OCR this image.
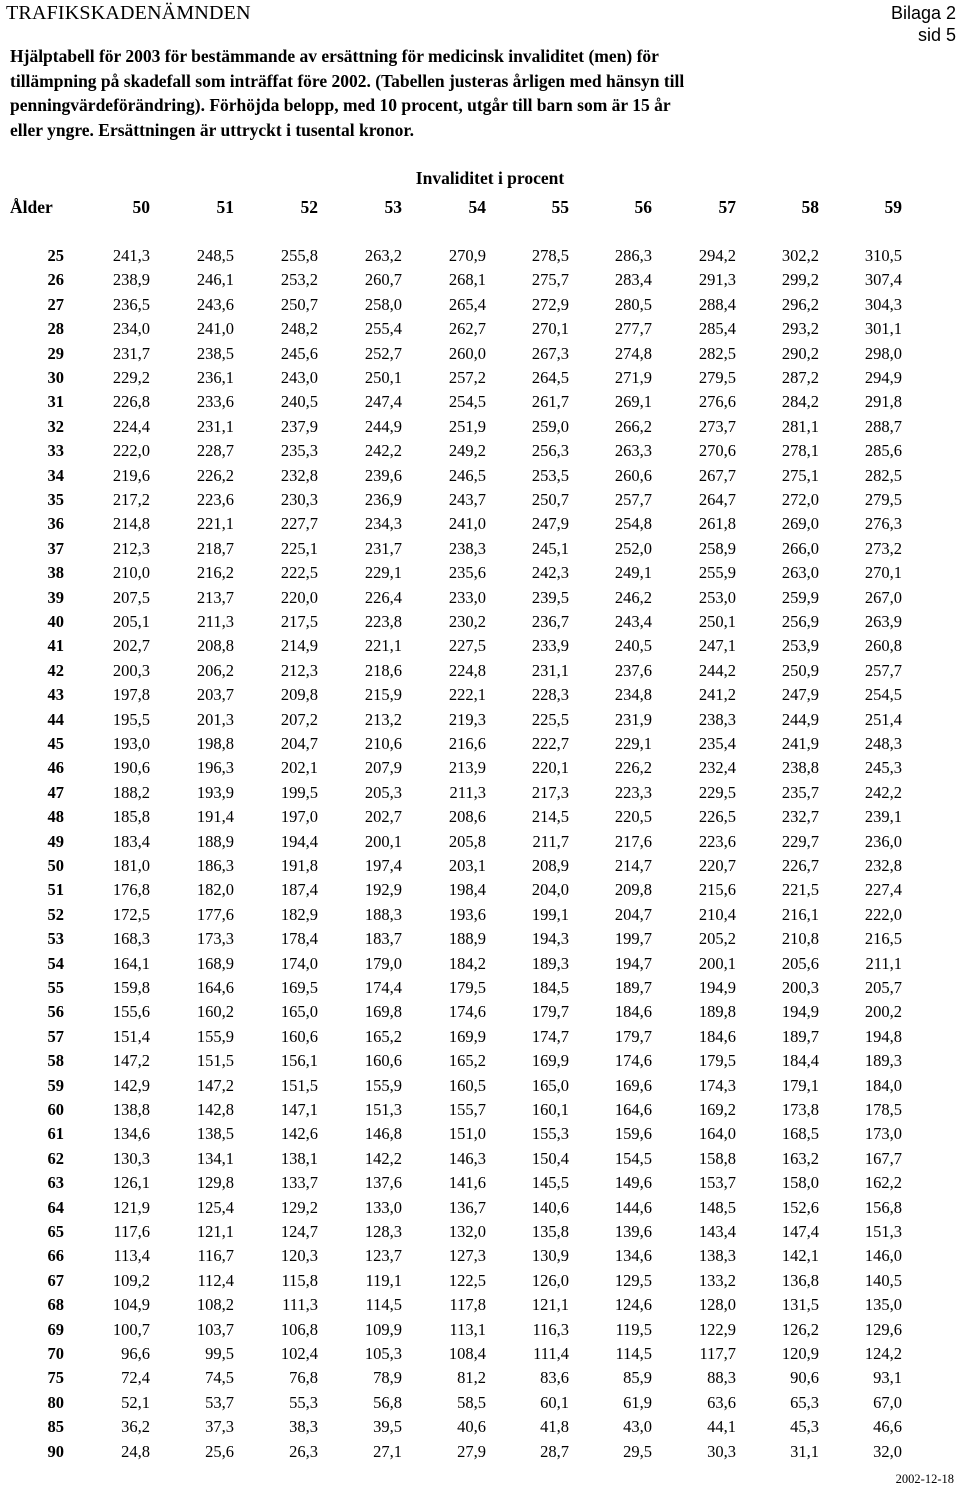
TRAFIKSKADENÄMNDEN	Bilaga 2
sid 5
Hjälptabell för 2003 för bestämmande av ersättning för medicinsk invaliditet (men) för
tillämpning på skadefall som inträffat före 2002. (Tabellen justeras årligen med hänsyn till
penningvärdeförändring). Förhöjda belopp, med 10 procent, utgår till barn som är 15 år
eller yngre. Ersättningen är uttryckt i tusental kronor.
Invaliditet i procent
Ålder	50	51	52	53	54	55	56	57	58	59
25	241,3	248,5	255,8	263,2	270,9	278,5	286,3	294,2	302,2	310,5
26	238,9	246,1	253,2	260,7	268,1	275,7	283,4	291,3	299,2	307,4
27	236,5	243,6	250,7	258,0	265,4	272,9	280,5	288,4	296,2	304,3
28	234,0	241,0	248,2	255,4	262,7	270,1	277,7	285,4	293,2	301,1
29	231,7	238,5	245,6	252,7	260,0	267,3	274,8	282,5	290,2	298,0
30	229,2	236,1	243,0	250,1	257,2	264,5	271,9	279,5	287,2	294,9
31	226,8	233,6	240,5	247,4	254,5	261,7	269,1	276,6	284,2	291,8
32	224,4	231,1	237,9	244,9	251,9	259,0	266,2	273,7	281,1	288,7
33	222,0	228,7	235,3	242,2	249,2	256,3	263,3	270,6	278,1	285,6
34	219,6	226,2	232,8	239,6	246,5	253,5	260,6	267,7	275,1	282,5
35	217,2	223,6	230,3	236,9	243,7	250,7	257,7	264,7	272,0	279,5
36	214,8	221,1	227,7	234,3	241,0	247,9	254,8	261,8	269,0	276,3
37	212,3	218,7	225,1	231,7	238,3	245,1	252,0	258,9	266,0	273,2
38	210,0	216,2	222,5	229,1	235,6	242,3	249,1	255,9	263,0	270,1
39	207,5	213,7	220,0	226,4	233,0	239,5	246,2	253,0	259,9	267,0
40	205,1	211,3	217,5	223,8	230,2	236,7	243,4	250,1	256,9	263,9
41	202,7	208,8	214,9	221,1	227,5	233,9	240,5	247,1	253,9	260,8
42	200,3	206,2	212,3	218,6	224,8	231,1	237,6	244,2	250,9	257,7
43	197,8	203,7	209,8	215,9	222,1	228,3	234,8	241,2	247,9	254,5
44	195,5	201,3	207,2	213,2	219,3	225,5	231,9	238,3	244,9	251,4
45	193,0	198,8	204,7	210,6	216,6	222,7	229,1	235,4	241,9	248,3
46	190,6	196,3	202,1	207,9	213,9	220,1	226,2	232,4	238,8	245,3
47	188,2	193,9	199,5	205,3	211,3	217,3	223,3	229,5	235,7	242,2
48	185,8	191,4	197,0	202,7	208,6	214,5	220,5	226,5	232,7	239,1
49	183,4	188,9	194,4	200,1	205,8	211,7	217,6	223,6	229,7	236,0
50	181,0	186,3	191,8	197,4	203,1	208,9	214,7	220,7	226,7	232,8
51	176,8	182,0	187,4	192,9	198,4	204,0	209,8	215,6	221,5	227,4
52	172,5	177,6	182,9	188,3	193,6	199,1	204,7	210,4	216,1	222,0
53	168,3	173,3	178,4	183,7	188,9	194,3	199,7	205,2	210,8	216,5
54	164,1	168,9	174,0	179,0	184,2	189,3	194,7	200,1	205,6	211,1
55	159,8	164,6	169,5	174,4	179,5	184,5	189,7	194,9	200,3	205,7
56	155,6	160,2	165,0	169,8	174,6	179,7	184,6	189,8	194,9	200,2
57	151,4	155,9	160,6	165,2	169,9	174,7	179,7	184,6	189,7	194,8
58	147,2	151,5	156,1	160,6	165,2	169,9	174,6	179,5	184,4	189,3
59	142,9	147,2	151,5	155,9	160,5	165,0	169,6	174,3	179,1	184,0
60	138,8	142,8	147,1	151,3	155,7	160,1	164,6	169,2	173,8	178,5
61	134,6	138,5	142,6	146,8	151,0	155,3	159,6	164,0	168,5	173,0
62	130,3	134,1	138,1	142,2	146,3	150,4	154,5	158,8	163,2	167,7
63	126,1	129,8	133,7	137,6	141,6	145,5	149,6	153,7	158,0	162,2
64	121,9	125,4	129,2	133,0	136,7	140,6	144,6	148,5	152,6	156,8
65	117,6	121,1	124,7	128,3	132,0	135,8	139,6	143,4	147,4	151,3
66	113,4	116,7	120,3	123,7	127,3	130,9	134,6	138,3	142,1	146,0
67	109,2	112,4	115,8	119,1	122,5	126,0	129,5	133,2	136,8	140,5
68	104,9	108,2	111,3	114,5	117,8	121,1	124,6	128,0	131,5	135,0
69	100,7	103,7	106,8	109,9	113,1	116,3	119,5	122,9	126,2	129,6
70	96,6	99,5	102,4	105,3	108,4	111,4	114,5	117,7	120,9	124,2
75	72,4	74,5	76,8	78,9	81,2	83,6	85,9	88,3	90,6	93,1
80	52,1	53,7	55,3	56,8	58,5	60,1	61,9	63,6	65,3	67,0
85	36,2	37,3	38,3	39,5	40,6	41,8	43,0	44,1	45,3	46,6
90	24,8	25,6	26,3	27,1	27,9	28,7	29,5	30,3	31,1	32,0
2002-12-18
